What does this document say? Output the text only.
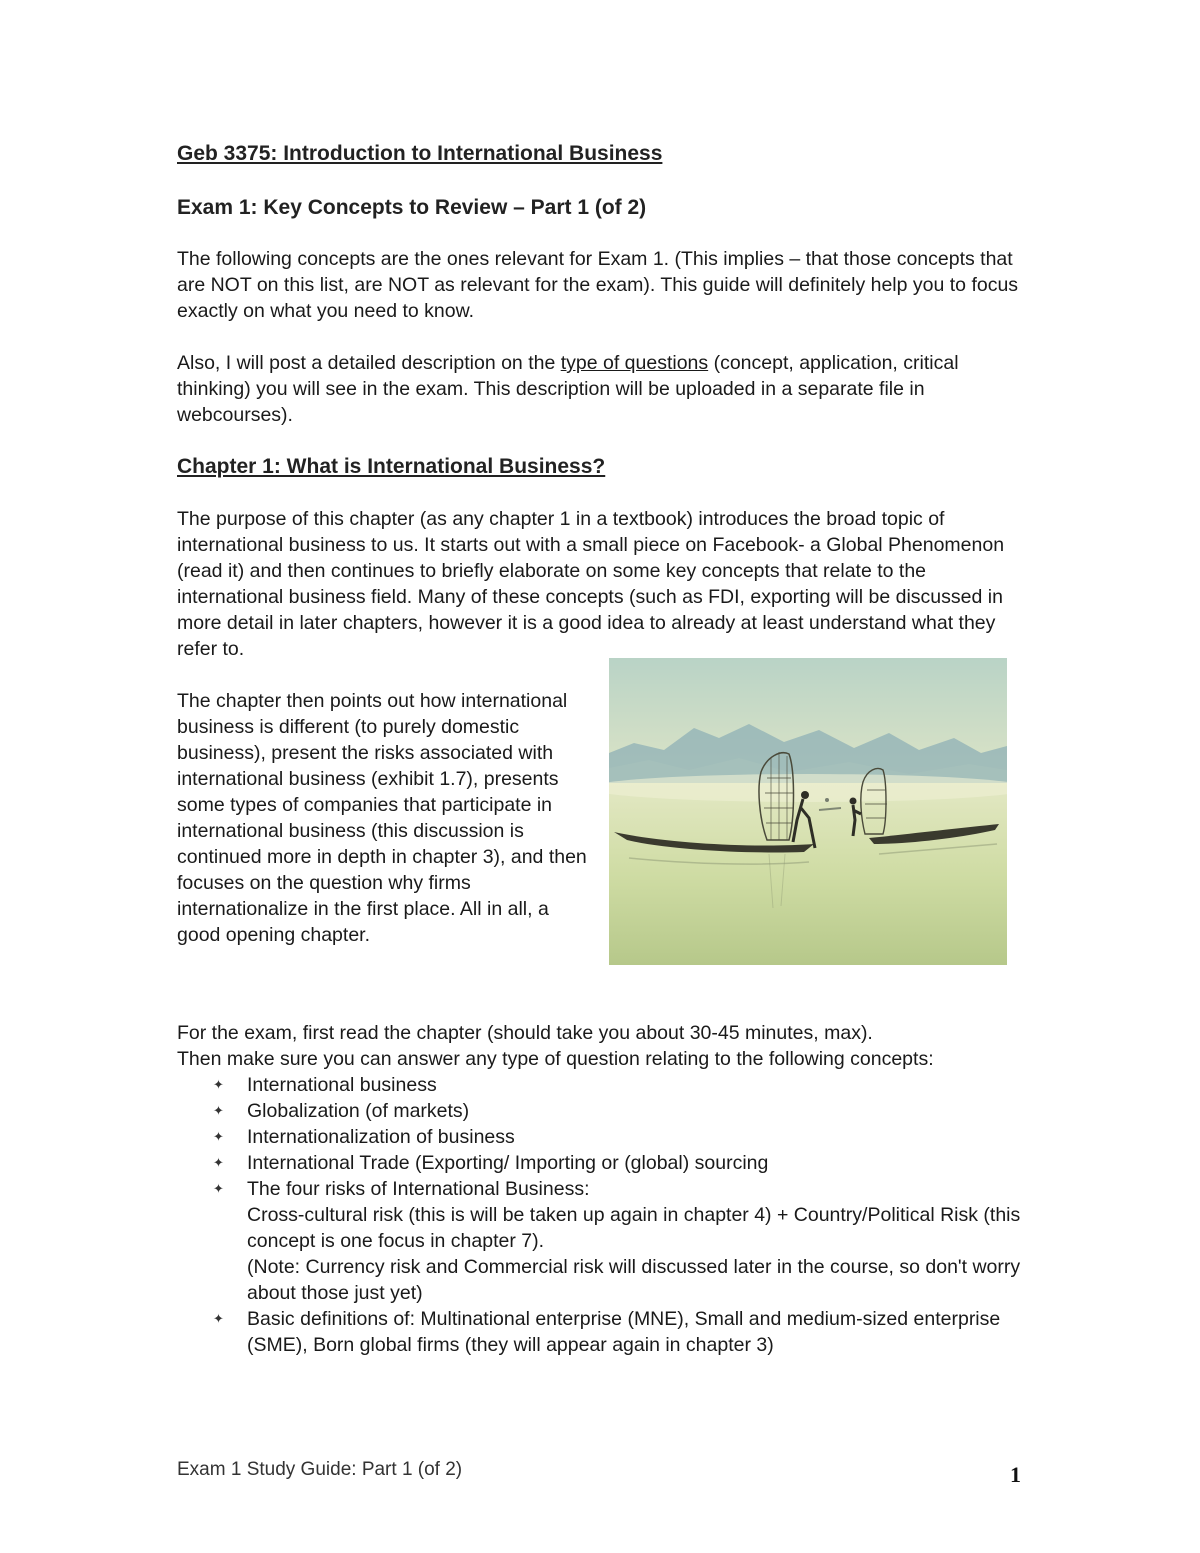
Geb 3375: Introduction to International Business
Exam 1: Key Concepts to Review – Part 1 (of 2)

The following concepts are the ones relevant for Exam 1. (This implies – that those concepts that are NOT on this list, are NOT as relevant for the exam). This guide will definitely help you to focus exactly on what you need to know.

Also, I will post a detailed description on the type of questions (concept, application, critical thinking) you will see in the exam. This description will be uploaded in a separate file in webcourses).

Chapter 1: What is International Business?

The purpose of this chapter (as any chapter 1 in a textbook) introduces the broad topic of international business to us. It starts out with a small piece on Facebook- a Global Phenomenon (read it) and then continues to briefly elaborate on some key concepts that relate to the international business field. Many of these concepts (such as FDI, exporting will be discussed in more detail in later chapters, however it is a good idea to already at least understand what they refer to.

The chapter then points out how international business is different (to purely domestic business), present the risks associated with international business (exhibit 1.7), presents some types of companies that participate in international business (this discussion is continued more in depth in chapter 3), and then focuses on the question why firms internationalize in the first place. All in all, a good opening chapter.

For the exam, first read the chapter (should take you about 30-45 minutes, max).

Then make sure you can answer any type of question relating to the following concepts:

✦ International business
✦ Globalization (of markets)
✦ Internationalization of business
✦ International Trade (Exporting/ Importing or (global) sourcing
✦ The four risks of International Business:
Cross-cultural risk (this is will be taken up again in chapter 4) + Country/Political Risk (this concept is one focus in chapter 7).
(Note: Currency risk and Commercial risk will discussed later in the course, so don't worry about those just yet)
✦ Basic definitions of: Multinational enterprise (MNE), Small and medium-sized enterprise (SME), Born global firms (they will appear again in chapter 3)
Exam 1 Study Guide: Part 1 (of 2)	1
